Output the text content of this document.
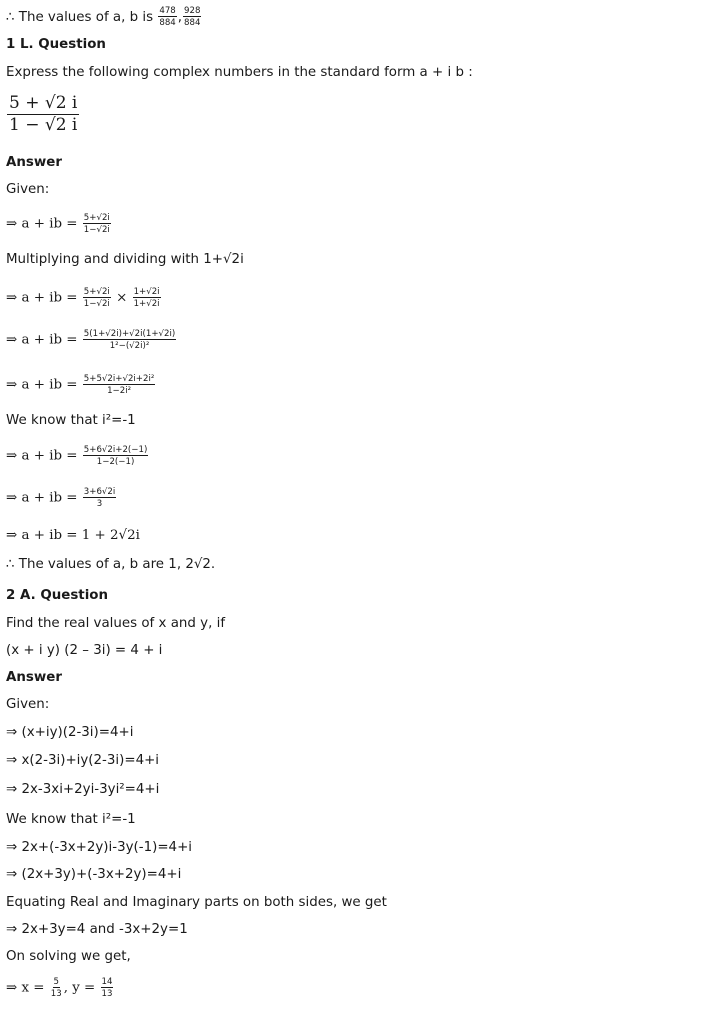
∴ The values of a, b is $\frac{478}{884}$ , $\frac{928}{884}$
1 L. Question
Express the following complex numbers in the standard form a + i b :
$\frac{5 + √2 i}{1 - √2 i}$
Answer
Given:
⇒ a + ib = $\frac{5+√2i}{1-√2i}$
Multiplying and dividing with 1+√2i
⇒ a + ib = $\frac{5+√2i}{1-√2i} \times \frac{1+√2i}{1+√2i}$
⇒ a + ib = $\frac{5(1+√2i)+√2i(1+√2i)}{\text{1²−(√2i)²}}$
⇒ a + ib = $\frac{\text{5+5√2i+√2i+2i²}}{\text{1−2i²}}$
We know that i²=-1
⇒ a + ib = $\frac{5+6√2i+2(-1)}{1-2(-1)}$
⇒ a + ib = $\frac{3+6√2i}{3}$
⇒ a + ib = 1 + 2√2i
∴ The values of a, b are 1, 2√2.
2 A. Question
Find the real values of x and y, if
(x + i y) (2 – 3i) = 4 + i
Answer
Given:
⇒ (x+iy)(2-3i)=4+i
⇒ x(2-3i)+iy(2-3i)=4+i
⇒ 2x-3xi+2yi-3yi²=4+i
We know that i²=-1
⇒ 2x+(-3x+2y)i-3y(-1)=4+i
⇒ (2x+3y)+(-3x+2y)=4+i
Equating Real and Imaginary parts on both sides, we get
⇒ 2x+3y=4 and -3x+2y=1
On solving we get,
⇒ $x = \frac{5}{13}$ , $y = \frac{14}{13}$
